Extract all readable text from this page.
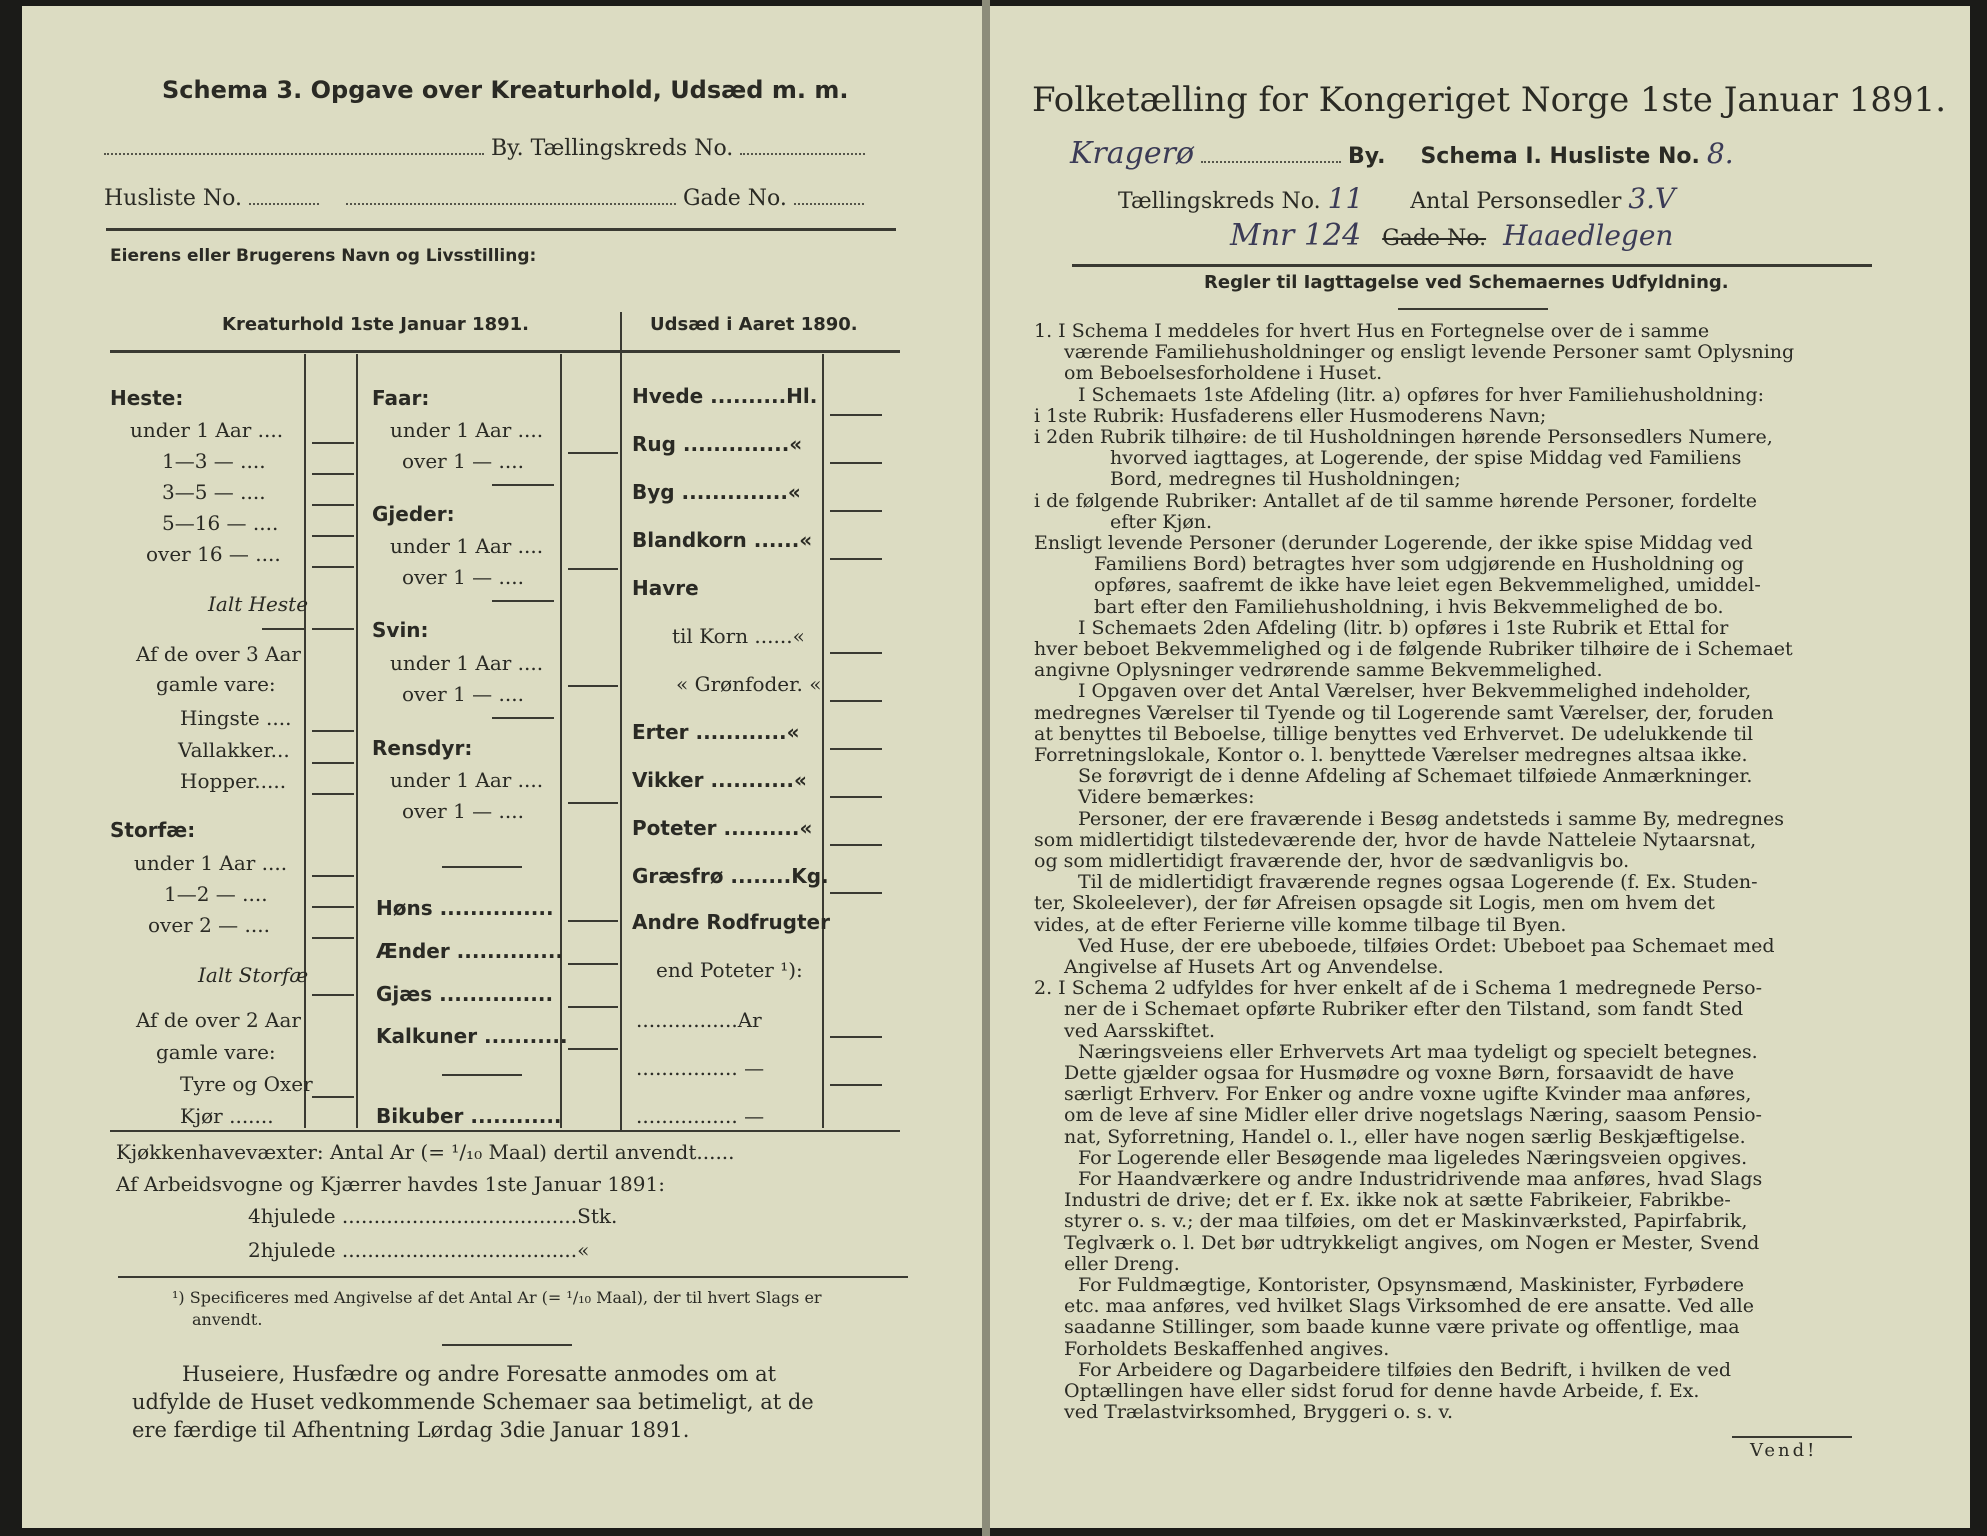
Schema 3. Opgave over Kreaturhold, Udsæd m. m.
By. Tællingskreds No.
Husliste No.	Gade No.
Eierens eller Brugerens Navn og Livsstilling:
Kreaturhold 1ste Januar 1891.	Udsæd i Aaret 1890.
Heste:
under 1 Aar ....
1—3 — ....
3—5 — ....
5—16 — ....
over 16 — ....
Ialt Heste
Af de over 3 Aar
gamle vare:
Hingste ....
Vallakker...
Hopper.....
Storfæ:
under 1 Aar ....
1—2 — ....
over 2 — ....
Ialt Storfæ
Af de over 2 Aar
gamle vare:
Tyre og Oxer
Kjør .......
Faar:
under 1 Aar ....
over 1 — ....
Gjeder:
under 1 Aar ....
over 1 — ....
Svin:
under 1 Aar ....
over 1 — ....
Rensdyr:
under 1 Aar ....
over 1 — ....
Høns ...............
Ænder ..............
Gjæs ...............
Kalkuner ...........
Bikuber ............
Hvede ..........Hl.
Rug ..............«
Byg ..............«
Blandkorn ......«
Havre
til Korn ......«
« Grønfoder. «
Erter ............«
Vikker ...........«
Poteter ..........«
Græsfrø ........Kg.
Andre Rodfrugter
end Poteter ¹):
................Ar
................ —
................ —
Kjøkkenhavevæxter: Antal Ar (= ¹/₁₀ Maal) dertil anvendt......
Af Arbeidsvogne og Kjærrer havdes 1ste Januar 1891:
4hjulede .....................................Stk.
2hjulede .....................................«
¹) Specificeres med Angivelse af det Antal Ar (= ¹/₁₀ Maal), der til hvert Slags er
anvendt.
Huseiere, Husfædre og andre Foresatte anmodes om at
udfylde de Huset vedkommende Schemaer saa betimeligt, at de
ere færdige til Afhentning Lørdag 3die Januar 1891.
Folketælling for Kongeriget Norge 1ste Januar 1891.
Kragerø	By. Schema I. Husliste No. 8.
Tællingskreds No. 11 Antal Personsedler 3.V
Mnr 124 Gade No. Haaedlegen
Regler til Iagttagelse ved Schemaernes Udfyldning.
1. I Schema I meddeles for hvert Hus en Fortegnelse over de i samme
værende Familiehusholdninger og ensligt levende Personer samt Oplysning
om Beboelsesforholdene i Huset.
I Schemaets 1ste Afdeling (litr. a) opføres for hver Familiehusholdning:
i 1ste Rubrik: Husfaderens eller Husmoderens Navn;
i 2den Rubrik tilhøire: de til Husholdningen hørende Personsedlers Numere,
hvorved iagttages, at Logerende, der spise Middag ved Familiens
Bord, medregnes til Husholdningen;
i de følgende Rubriker: Antallet af de til samme hørende Personer, fordelte
efter Kjøn.
Ensligt levende Personer (derunder Logerende, der ikke spise Middag ved
Familiens Bord) betragtes hver som udgjørende en Husholdning og
opføres, saafremt de ikke have leiet egen Bekvemmelighed, umiddel-
bart efter den Familiehusholdning, i hvis Bekvemmelighed de bo.
I Schemaets 2den Afdeling (litr. b) opføres i 1ste Rubrik et Ettal for
hver beboet Bekvemmelighed og i de følgende Rubriker tilhøire de i Schemaet
angivne Oplysninger vedrørende samme Bekvemmelighed.
I Opgaven over det Antal Værelser, hver Bekvemmelighed indeholder,
medregnes Værelser til Tyende og til Logerende samt Værelser, der, foruden
at benyttes til Beboelse, tillige benyttes ved Erhvervet. De udelukkende til
Forretningslokale, Kontor o. l. benyttede Værelser medregnes altsaa ikke.
Se forøvrigt de i denne Afdeling af Schemaet tilføiede Anmærkninger.
Videre bemærkes:
Personer, der ere fraværende i Besøg andetsteds i samme By, medregnes
som midlertidigt tilstedeværende der, hvor de havde Natteleie Nytaarsnat,
og som midlertidigt fraværende der, hvor de sædvanligvis bo.
Til de midlertidigt fraværende regnes ogsaa Logerende (f. Ex. Studen-
ter, Skoleelever), der før Afreisen opsagde sit Logis, men om hvem det
vides, at de efter Ferierne ville komme tilbage til Byen.
Ved Huse, der ere ubeboede, tilføies Ordet: Ubeboet paa Schemaet med
Angivelse af Husets Art og Anvendelse.
2. I Schema 2 udfyldes for hver enkelt af de i Schema 1 medregnede Perso-
ner de i Schemaet opførte Rubriker efter den Tilstand, som fandt Sted
ved Aarsskiftet.
Næringsveiens eller Erhvervets Art maa tydeligt og specielt betegnes.
Dette gjælder ogsaa for Husmødre og voxne Børn, forsaavidt de have
særligt Erhverv. For Enker og andre voxne ugifte Kvinder maa anføres,
om de leve af sine Midler eller drive nogetslags Næring, saasom Pensio-
nat, Syforretning, Handel o. l., eller have nogen særlig Beskjæftigelse.
For Logerende eller Besøgende maa ligeledes Næringsveien opgives.
For Haandværkere og andre Industridrivende maa anføres, hvad Slags
Industri de drive; det er f. Ex. ikke nok at sætte Fabrikeier, Fabrikbe-
styrer o. s. v.; der maa tilføies, om det er Maskinværksted, Papirfabrik,
Teglværk o. l. Det bør udtrykkeligt angives, om Nogen er Mester, Svend
eller Dreng.
For Fuldmægtige, Kontorister, Opsynsmænd, Maskinister, Fyrbødere
etc. maa anføres, ved hvilket Slags Virksomhed de ere ansatte. Ved alle
saadanne Stillinger, som baade kunne være private og offentlige, maa
Forholdets Beskaffenhed angives.
For Arbeidere og Dagarbeidere tilføies den Bedrift, i hvilken de ved
Optællingen have eller sidst forud for denne havde Arbeide, f. Ex.
ved Trælastvirksomhed, Bryggeri o. s. v.
Vend!
